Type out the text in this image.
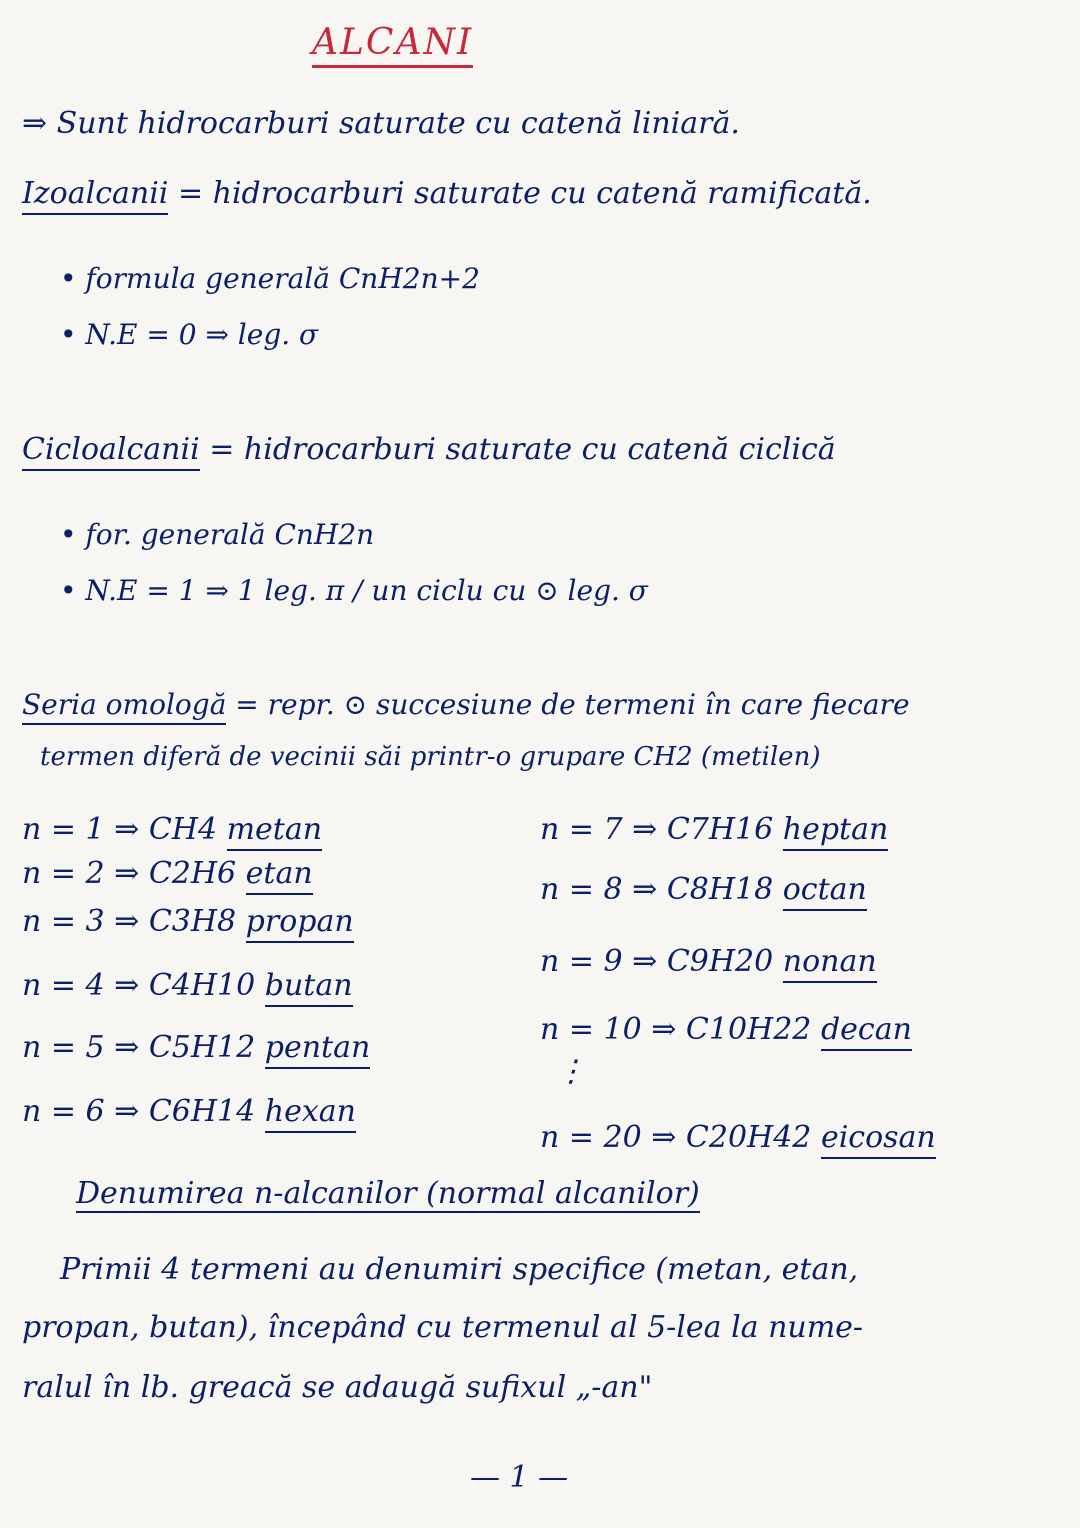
ALCANI
⇒ Sunt hidrocarburi saturate cu catenă liniară.
Izoalcanii = hidrocarburi saturate cu catenă ramificată.
• formula generală CnH2n+2
• N.E = 0 ⇒ leg. σ
Cicloalcanii = hidrocarburi saturate cu catenă ciclică
• for. generală CnH2n
• N.E = 1 ⇒ 1 leg. π / un ciclu cu ⊙ leg. σ
Seria omologă = repr. ⊙ succesiune de termeni în care fiecare
termen diferă de vecinii săi printr-o grupare CH2 (metilen)
n = 1 ⇒ CH4 metan
n = 2 ⇒ C2H6 etan
n = 3 ⇒ C3H8 propan
n = 4 ⇒ C4H10 butan
n = 5 ⇒ C5H12 pentan
n = 6 ⇒ C6H14 hexan
n = 7 ⇒ C7H16 heptan
n = 8 ⇒ C8H18 octan
n = 9 ⇒ C9H20 nonan
n = 10 ⇒ C10H22 decan
⋮
n = 20 ⇒ C20H42 eicosan
Denumirea n-alcanilor (normal alcanilor)
Primii 4 termeni au denumiri specifice (metan, etan,
propan, butan), începând cu termenul al 5-lea la nume-
ralul în lb. greacă se adaugă sufixul „-an"
— 1 —
